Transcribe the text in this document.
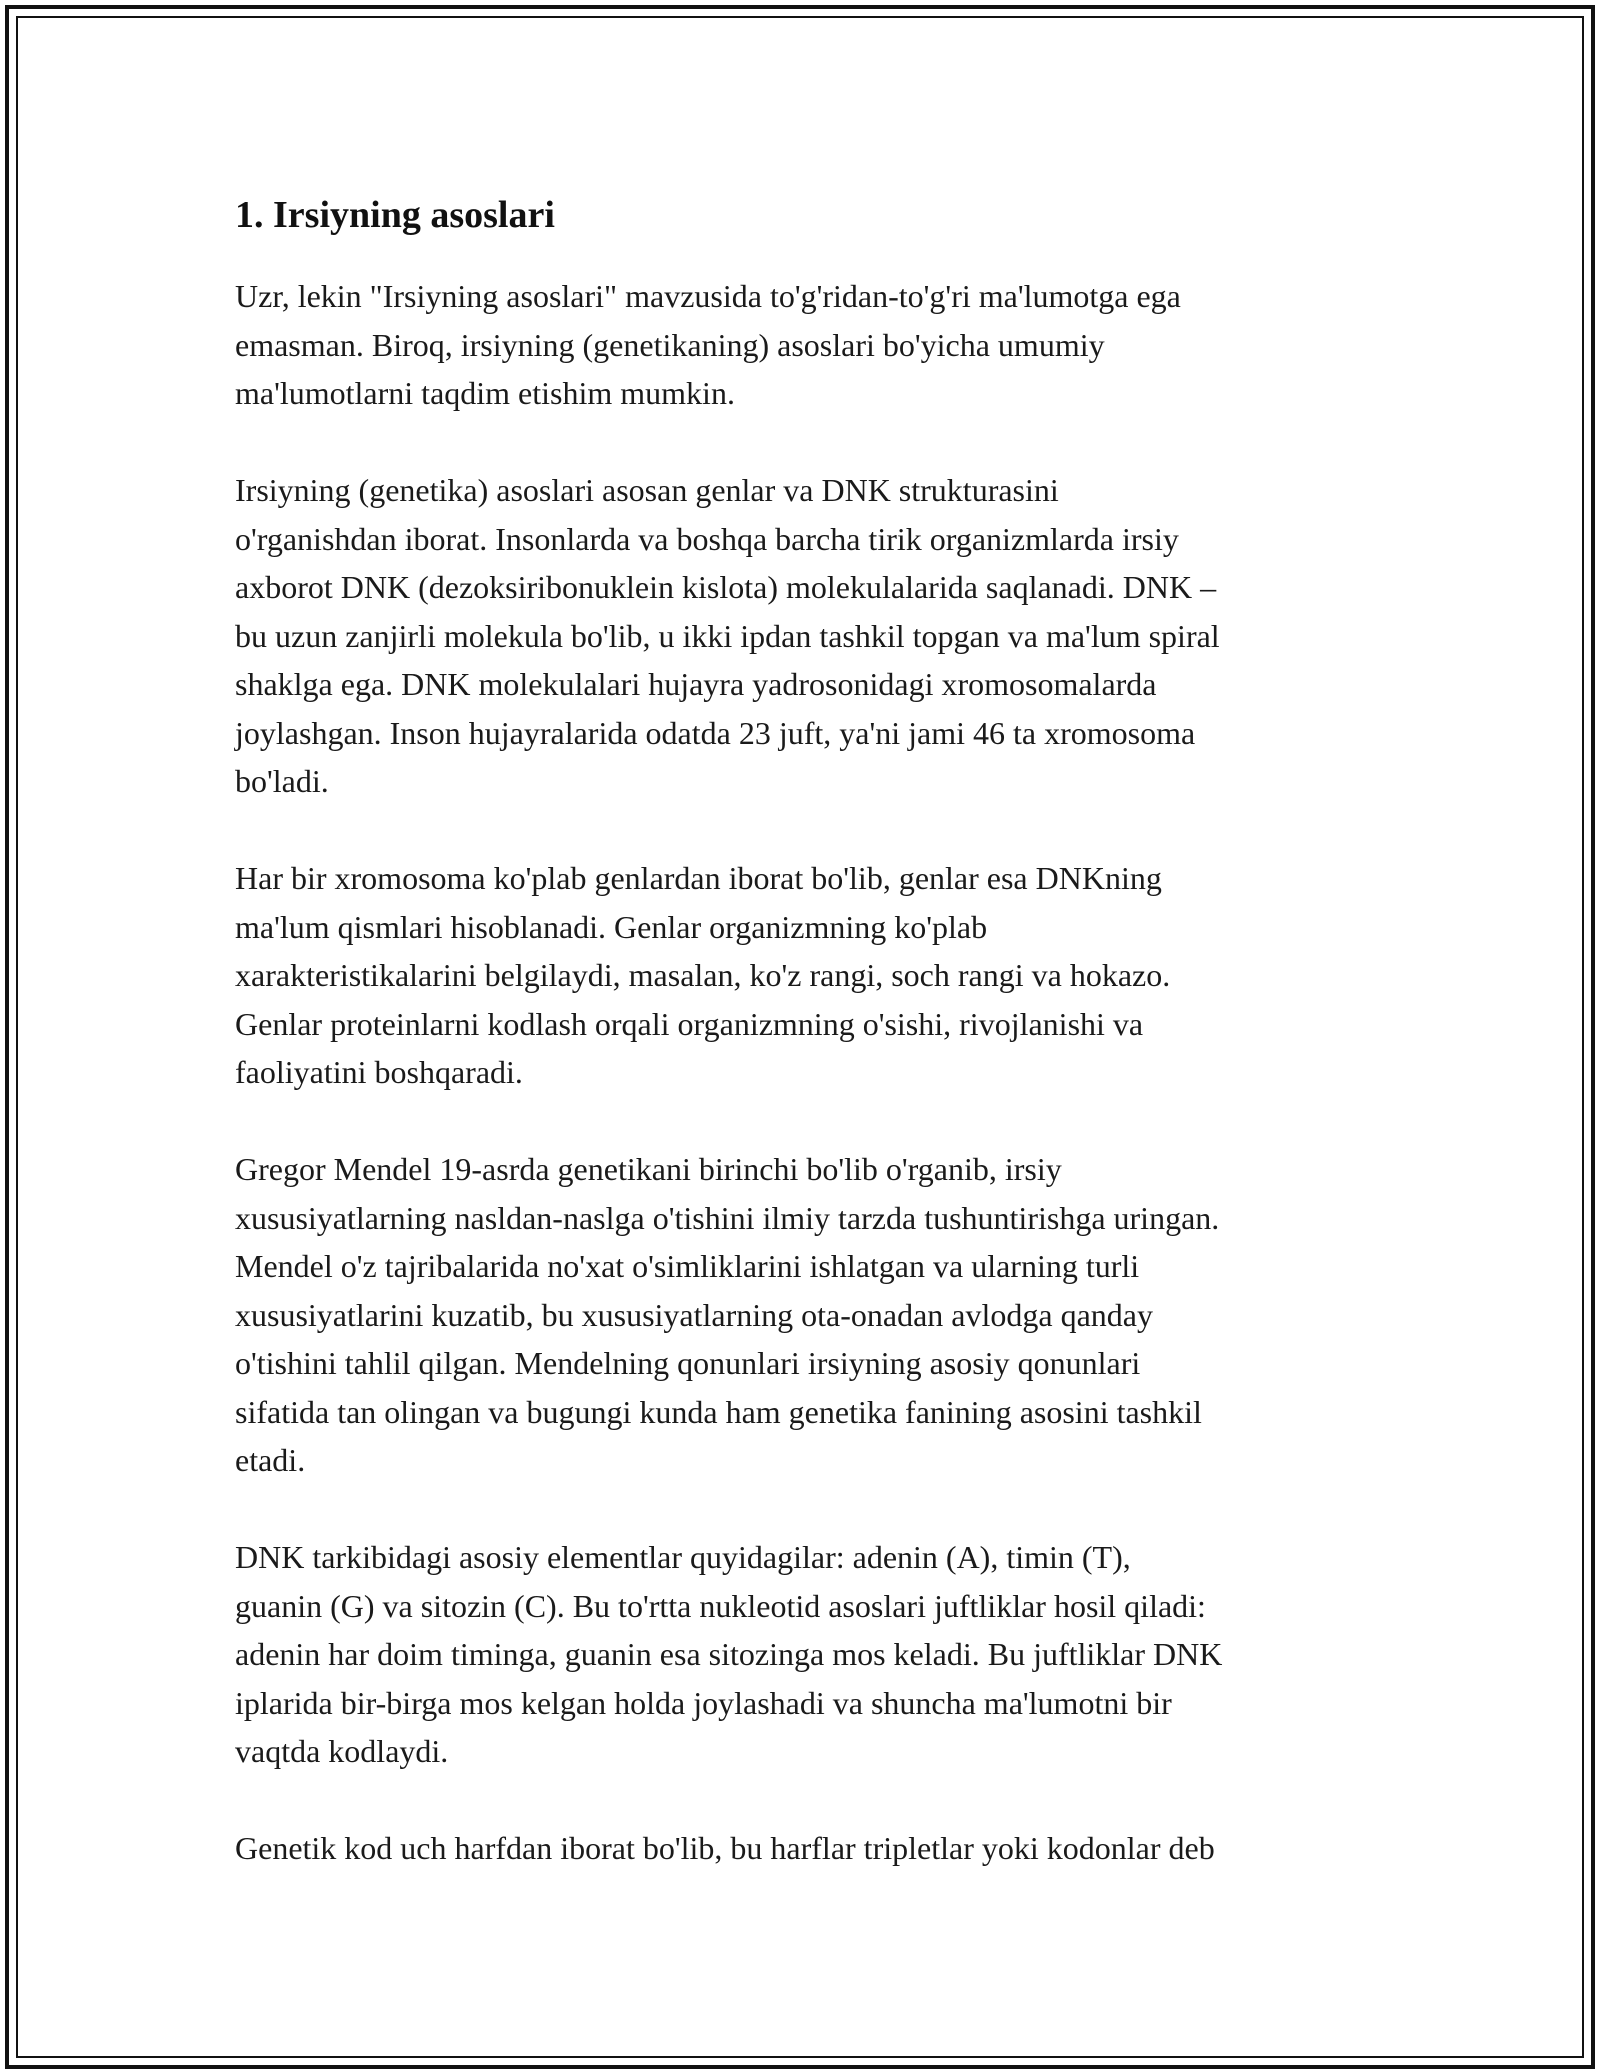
1. Irsiyning asoslari

Uzr, lekin "Irsiyning asoslari" mavzusida to'g'ridan-to'g'ri ma'lumotga ega
emasman. Biroq, irsiyning (genetikaning) asoslari bo'yicha umumiy
ma'lumotlarni taqdim etishim mumkin.

Irsiyning (genetika) asoslari asosan genlar va DNK strukturasini
o'rganishdan iborat. Insonlarda va boshqa barcha tirik organizmlarda irsiy
axborot DNK (dezoksiribonuklein kislota) molekulalarida saqlanadi. DNK –
bu uzun zanjirli molekula bo'lib, u ikki ipdan tashkil topgan va ma'lum spiral
shaklga ega. DNK molekulalari hujayra yadrosonidagi xromosomalarda
joylashgan. Inson hujayralarida odatda 23 juft, ya'ni jami 46 ta xromosoma
bo'ladi.

Har bir xromosoma ko'plab genlardan iborat bo'lib, genlar esa DNKning
ma'lum qismlari hisoblanadi. Genlar organizmning ko'plab
xarakteristikalarini belgilaydi, masalan, ko'z rangi, soch rangi va hokazo.
Genlar proteinlarni kodlash orqali organizmning o'sishi, rivojlanishi va
faoliyatini boshqaradi.

Gregor Mendel 19-asrda genetikani birinchi bo'lib o'rganib, irsiy
xususiyatlarning nasldan-naslga o'tishini ilmiy tarzda tushuntirishga uringan.
Mendel o'z tajribalarida no'xat o'simliklarini ishlatgan va ularning turli
xususiyatlarini kuzatib, bu xususiyatlarning ota-onadan avlodga qanday
o'tishini tahlil qilgan. Mendelning qonunlari irsiyning asosiy qonunlari
sifatida tan olingan va bugungi kunda ham genetika fanining asosini tashkil
etadi.

DNK tarkibidagi asosiy elementlar quyidagilar: adenin (A), timin (T),
guanin (G) va sitozin (C). Bu to'rtta nukleotid asoslari juftliklar hosil qiladi:
adenin har doim timinga, guanin esa sitozinga mos keladi. Bu juftliklar DNK
iplarida bir-birga mos kelgan holda joylashadi va shuncha ma'lumotni bir
vaqtda kodlaydi.

Genetik kod uch harfdan iborat bo'lib, bu harflar tripletlar yoki kodonlar deb
